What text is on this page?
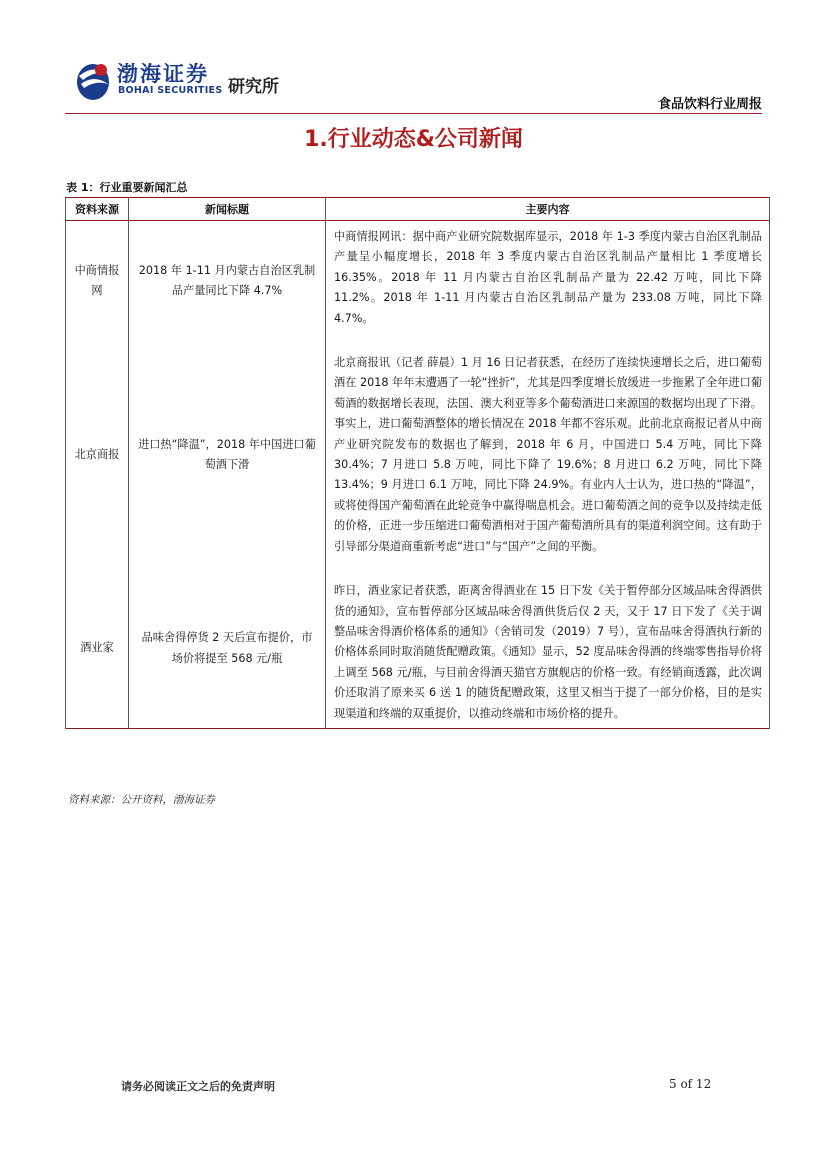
渤海证券
BOHAI SECURITIES 研究所
食品饮料行业周报
1.行业动态&公司新闻
表 1：行业重要新闻汇总
资料来源	新闻标题	主要内容
中商情报网	2018 年 1-11 月内蒙古自治区乳制品产量同比下降 4.7%	中商情报网讯：据中商产业研究院数据库显示，2018 年 1-3 季度内蒙古自治区乳制品产量呈小幅度增长，2018 年 3 季度内蒙古自治区乳制品产量相比 1 季度增长 16.35%。2018 年 11 月内蒙古自治区乳制品产量为 22.42 万吨，同比下降 11.2%。2018 年 1-11 月内蒙古自治区乳制品产量为 233.08 万吨，同比下降 4.7%。
北京商报	进口热“降温”，2018 年中国进口葡萄酒下滑	北京商报讯（记者 薛晨）1 月 16 日记者获悉，在经历了连续快速增长之后，进口葡萄酒在 2018 年年末遭遇了一轮“挫折”，尤其是四季度增长放缓进一步拖累了全年进口葡萄酒的数据增长表现，法国、澳大利亚等多个葡萄酒进口来源国的数据均出现了下滑。事实上，进口葡萄酒整体的增长情况在 2018 年都不容乐观。此前北京商报记者从中商产业研究院发布的数据也了解到，2018 年 6 月，中国进口 5.4 万吨，同比下降 30.4%；7 月进口 5.8 万吨，同比下降了 19.6%；8 月进口 6.2 万吨，同比下降 13.4%；9 月进口 6.1 万吨，同比下降 24.9%。有业内人士认为，进口热的“降温”，或将使得国产葡萄酒在此轮竞争中赢得喘息机会。进口葡萄酒之间的竞争以及持续走低的价格，正进一步压缩进口葡萄酒相对于国产葡萄酒所具有的渠道利润空间。这有助于引导部分渠道商重新考虑“进口”与“国产”之间的平衡。
酒业家	品味舍得停货 2 天后宣布提价，市场价将提至 568 元/瓶	昨日，酒业家记者获悉，距离舍得酒业在 15 日下发《关于暂停部分区域品味舍得酒供货的通知》，宣布暂停部分区域品味舍得酒供货后仅 2 天，又于 17 日下发了《关于调整品味舍得酒价格体系的通知》（舍销司发（2019）7 号），宣布品味舍得酒执行新的价格体系同时取消随货配赠政策。《通知》显示，52 度品味舍得酒的终端零售指导价将上调至 568 元/瓶，与目前舍得酒天猫官方旗舰店的价格一致。有经销商透露，此次调价还取消了原来买 6 送 1 的随货配赠政策，这里又相当于提了一部分价格，目的是实现渠道和终端的双重提价，以推动终端和市场价格的提升。
资料来源：公开资料，渤海证券
请务必阅读正文之后的免责声明	5 of 12
